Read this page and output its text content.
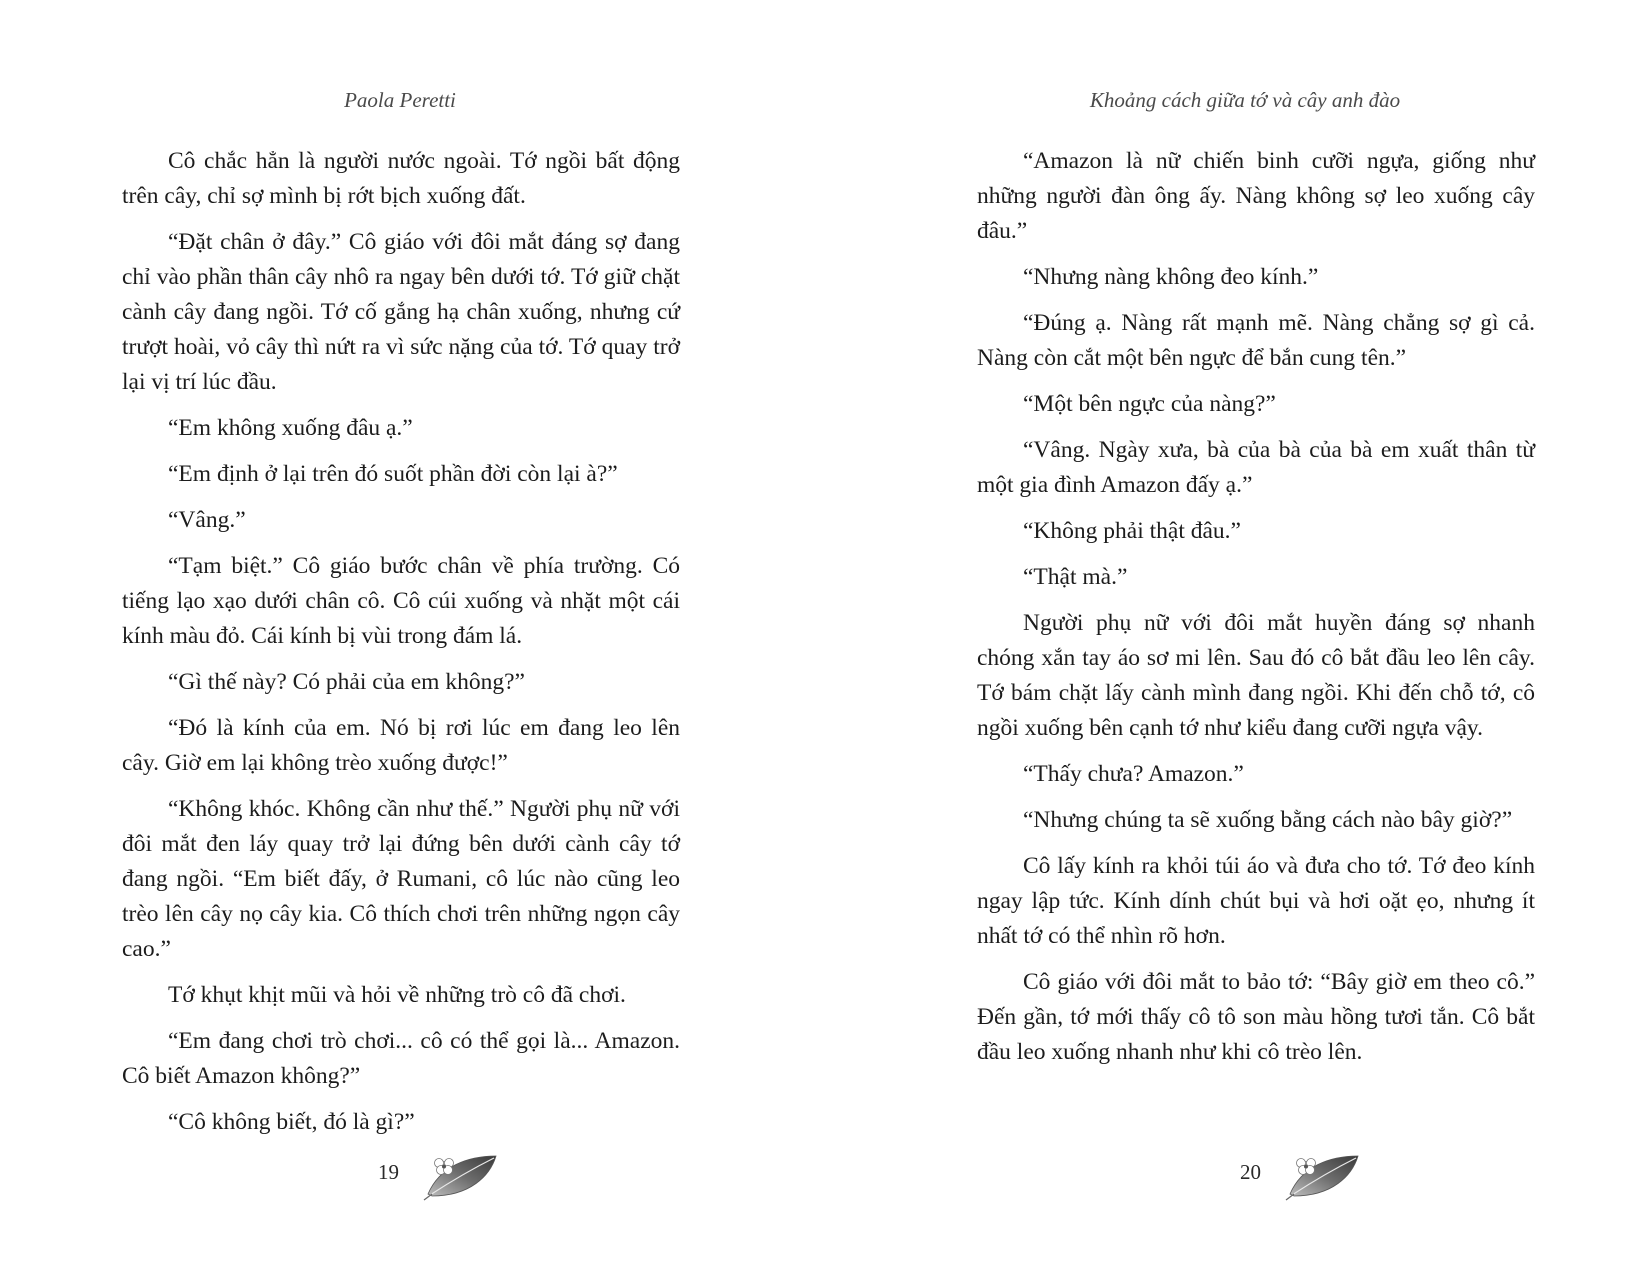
Paola Peretti

Cô chắc hẳn là người nước ngoài. Tớ ngồi bất động trên cây, chỉ sợ mình bị rớt bịch xuống đất.

“Đặt chân ở đây.” Cô giáo với đôi mắt đáng sợ đang chỉ vào phần thân cây nhô ra ngay bên dưới tớ. Tớ giữ chặt cành cây đang ngồi. Tớ cố gắng hạ chân xuống, nhưng cứ trượt hoài, vỏ cây thì nứt ra vì sức nặng của tớ. Tớ quay trở lại vị trí lúc đầu.

“Em không xuống đâu ạ.”

“Em định ở lại trên đó suốt phần đời còn lại à?”

“Vâng.”

“Tạm biệt.” Cô giáo bước chân về phía trường. Có tiếng lạo xạo dưới chân cô. Cô cúi xuống và nhặt một cái kính màu đỏ. Cái kính bị vùi trong đám lá.

“Gì thế này? Có phải của em không?”

“Đó là kính của em. Nó bị rơi lúc em đang leo lên cây. Giờ em lại không trèo xuống được!”

“Không khóc. Không cần như thế.” Người phụ nữ với đôi mắt đen láy quay trở lại đứng bên dưới cành cây tớ đang ngồi. “Em biết đấy, ở Rumani, cô lúc nào cũng leo trèo lên cây nọ cây kia. Cô thích chơi trên những ngọn cây cao.”

Tớ khụt khịt mũi và hỏi về những trò cô đã chơi.

“Em đang chơi trò chơi... cô có thể gọi là... Amazon. Cô biết Amazon không?”

“Cô không biết, đó là gì?”

19
Khoảng cách giữa tớ và cây anh đào

“Amazon là nữ chiến binh cưỡi ngựa, giống như những người đàn ông ấy. Nàng không sợ leo xuống cây đâu.”

“Nhưng nàng không đeo kính.”

“Đúng ạ. Nàng rất mạnh mẽ. Nàng chẳng sợ gì cả. Nàng còn cắt một bên ngực để bắn cung tên.”

“Một bên ngực của nàng?”

“Vâng. Ngày xưa, bà của bà của bà em xuất thân từ một gia đình Amazon đấy ạ.”

“Không phải thật đâu.”

“Thật mà.”

Người phụ nữ với đôi mắt huyền đáng sợ nhanh chóng xắn tay áo sơ mi lên. Sau đó cô bắt đầu leo lên cây. Tớ bám chặt lấy cành mình đang ngồi. Khi đến chỗ tớ, cô ngồi xuống bên cạnh tớ như kiểu đang cưỡi ngựa vậy.

“Thấy chưa? Amazon.”

“Nhưng chúng ta sẽ xuống bằng cách nào bây giờ?”

Cô lấy kính ra khỏi túi áo và đưa cho tớ. Tớ đeo kính ngay lập tức. Kính dính chút bụi và hơi oặt ẹo, nhưng ít nhất tớ có thể nhìn rõ hơn.

Cô giáo với đôi mắt to bảo tớ: “Bây giờ em theo cô.” Đến gần, tớ mới thấy cô tô son màu hồng tươi tắn. Cô bắt đầu leo xuống nhanh như khi cô trèo lên.

20
